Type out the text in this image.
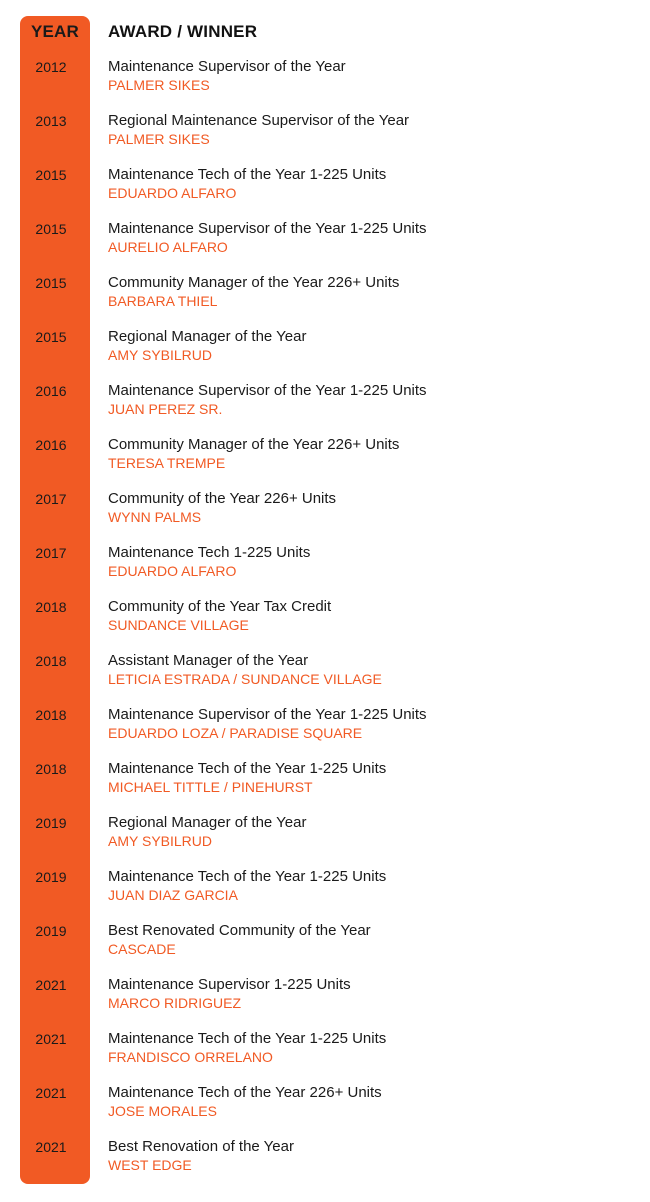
YEAR	AWARD / WINNER
2012	Maintenance Supervisor of the Year
PALMER SIKES
2013	Regional Maintenance Supervisor of the Year
PALMER SIKES
2015	Maintenance Tech of the Year 1-225 Units
EDUARDO ALFARO
2015	Maintenance Supervisor of the Year 1-225 Units
AURELIO ALFARO
2015	Community Manager of the Year 226+ Units
BARBARA THIEL
2015	Regional Manager of the Year
AMY SYBILRUD
2016	Maintenance Supervisor of the Year 1-225 Units
JUAN PEREZ SR.
2016	Community Manager of the Year 226+ Units
TERESA TREMPE
2017	Community of the Year 226+ Units
WYNN PALMS
2017	Maintenance Tech 1-225 Units
EDUARDO ALFARO
2018	Community of the Year Tax Credit
SUNDANCE VILLAGE
2018	Assistant Manager of the Year
LETICIA ESTRADA / SUNDANCE VILLAGE
2018	Maintenance Supervisor of the Year 1-225 Units
EDUARDO LOZA / PARADISE SQUARE
2018	Maintenance Tech of the Year 1-225 Units
MICHAEL TITTLE / PINEHURST
2019	Regional Manager of the Year
AMY SYBILRUD
2019	Maintenance Tech of the Year 1-225 Units
JUAN DIAZ GARCIA
2019	Best Renovated Community of the Year
CASCADE
2021	Maintenance Supervisor 1-225 Units
MARCO RIDRIGUEZ
2021	Maintenance Tech of the Year 1-225 Units
FRANDISCO ORRELANO
2021	Maintenance Tech of the Year 226+ Units
JOSE MORALES
2021	Best Renovation of the Year
WEST EDGE
